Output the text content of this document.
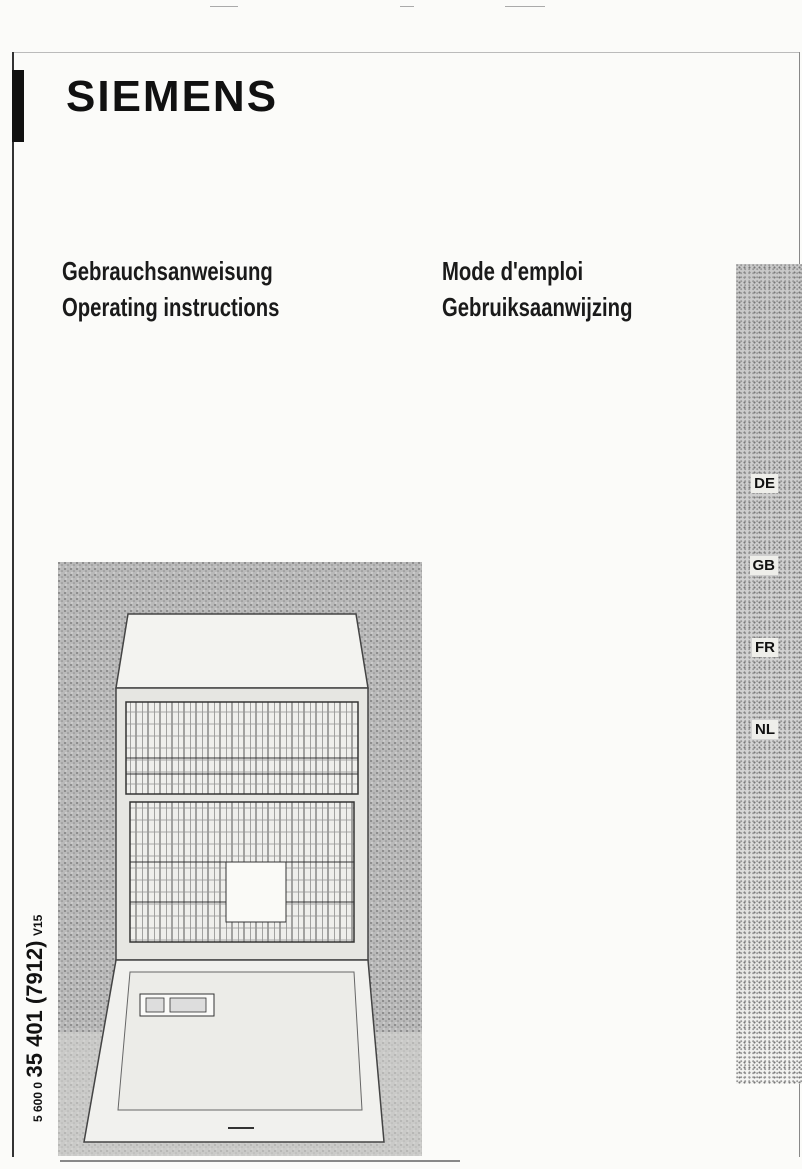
SIEMENS
Gebrauchsanweisung
Operating instructions
Mode d'emploi
Gebruiksaanwijzing
DE
GB
FR
NL
5 600 0 35 401 (7912) V15
